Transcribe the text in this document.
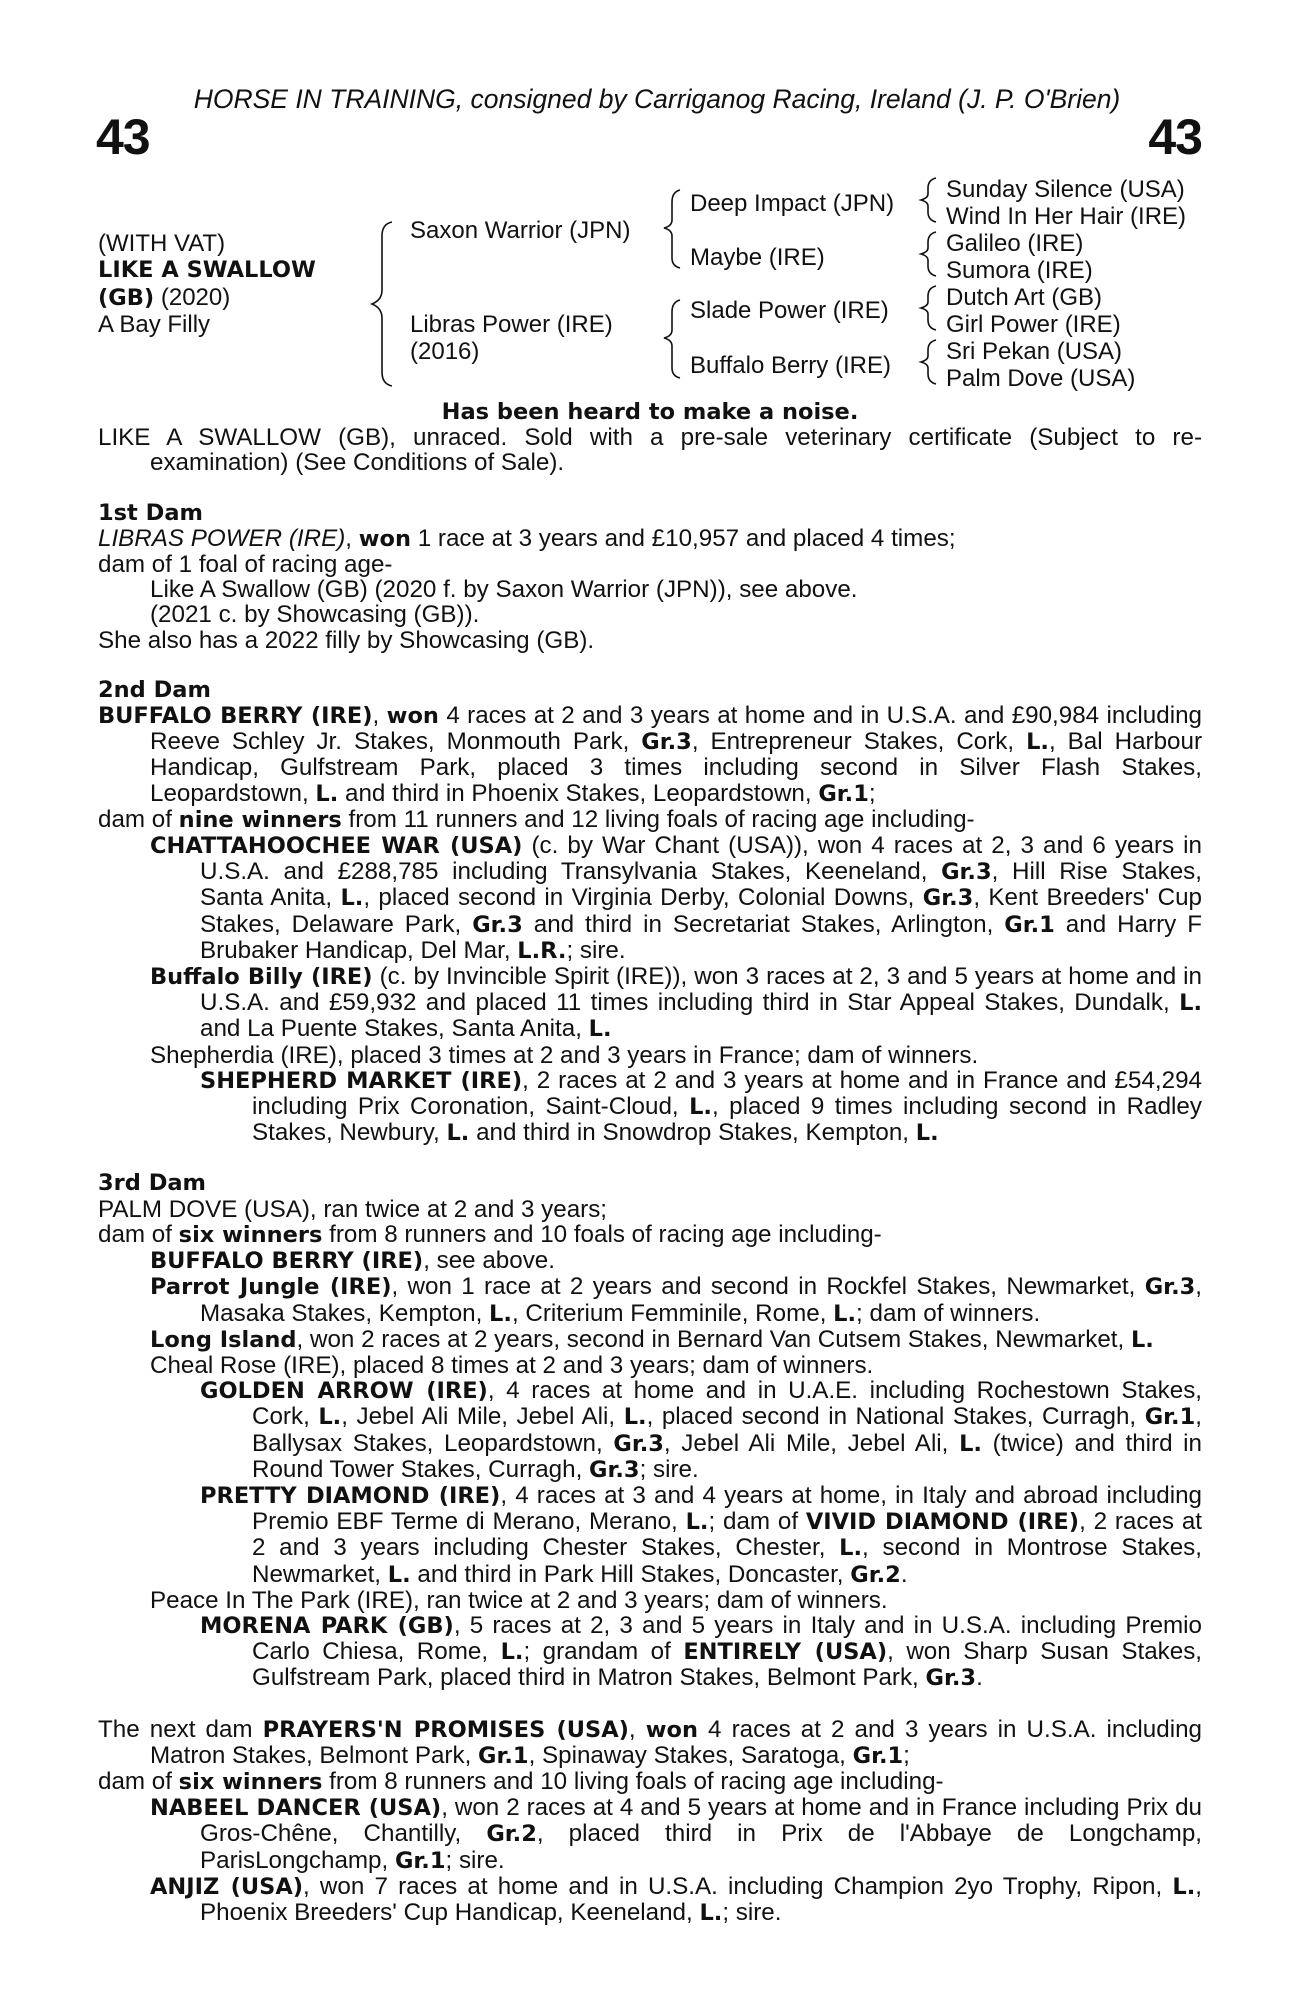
HORSE IN TRAINING, consigned by Carriganog Racing, Ireland (J. P. O'Brien)
43	43
(WITH VAT)
LIKE A SWALLOW
(GB) (2020)
A Bay Filly
Saxon Warrior (JPN)
Libras Power (IRE)
(2016)
Deep Impact (JPN)
Maybe (IRE)
Slade Power (IRE)
Buffalo Berry (IRE)
Sunday Silence (USA)
Wind In Her Hair (IRE)
Galileo (IRE)
Sumora (IRE)
Dutch Art (GB)
Girl Power (IRE)
Sri Pekan (USA)
Palm Dove (USA)
Has been heard to make a noise.
LIKE A SWALLOW (GB), unraced. Sold with a pre-sale veterinary certificate (Subject to re-examination) (See Conditions of Sale).
1st Dam
LIBRAS POWER (IRE), won 1 race at 3 years and £10,957 and placed 4 times;
dam of 1 foal of racing age-
Like A Swallow (GB) (2020 f. by Saxon Warrior (JPN)), see above.
(2021 c. by Showcasing (GB)).
She also has a 2022 filly by Showcasing (GB).
2nd Dam
BUFFALO BERRY (IRE), won 4 races at 2 and 3 years at home and in U.S.A. and £90,984 including Reeve Schley Jr. Stakes, Monmouth Park, Gr.3, Entrepreneur Stakes, Cork, L., Bal Harbour Handicap, Gulfstream Park, placed 3 times including second in Silver Flash Stakes, Leopardstown, L. and third in Phoenix Stakes, Leopardstown, Gr.1;
dam of nine winners from 11 runners and 12 living foals of racing age including-
CHATTAHOOCHEE WAR (USA) (c. by War Chant (USA)), won 4 races at 2, 3 and 6 years in U.S.A. and £288,785 including Transylvania Stakes, Keeneland, Gr.3, Hill Rise Stakes, Santa Anita, L., placed second in Virginia Derby, Colonial Downs, Gr.3, Kent Breeders' Cup Stakes, Delaware Park, Gr.3 and third in Secretariat Stakes, Arlington, Gr.1 and Harry F Brubaker Handicap, Del Mar, L.R.; sire.
Buffalo Billy (IRE) (c. by Invincible Spirit (IRE)), won 3 races at 2, 3 and 5 years at home and in U.S.A. and £59,932 and placed 11 times including third in Star Appeal Stakes, Dundalk, L. and La Puente Stakes, Santa Anita, L.
Shepherdia (IRE), placed 3 times at 2 and 3 years in France; dam of winners.
SHEPHERD MARKET (IRE), 2 races at 2 and 3 years at home and in France and £54,294 including Prix Coronation, Saint-Cloud, L., placed 9 times including second in Radley Stakes, Newbury, L. and third in Snowdrop Stakes, Kempton, L.
3rd Dam
PALM DOVE (USA), ran twice at 2 and 3 years;
dam of six winners from 8 runners and 10 foals of racing age including-
BUFFALO BERRY (IRE), see above.
Parrot Jungle (IRE), won 1 race at 2 years and second in Rockfel Stakes, Newmarket, Gr.3, Masaka Stakes, Kempton, L., Criterium Femminile, Rome, L.; dam of winners.
Long Island, won 2 races at 2 years, second in Bernard Van Cutsem Stakes, Newmarket, L.
Cheal Rose (IRE), placed 8 times at 2 and 3 years; dam of winners.
GOLDEN ARROW (IRE), 4 races at home and in U.A.E. including Rochestown Stakes, Cork, L., Jebel Ali Mile, Jebel Ali, L., placed second in National Stakes, Curragh, Gr.1, Ballysax Stakes, Leopardstown, Gr.3, Jebel Ali Mile, Jebel Ali, L. (twice) and third in Round Tower Stakes, Curragh, Gr.3; sire.
PRETTY DIAMOND (IRE), 4 races at 3 and 4 years at home, in Italy and abroad including Premio EBF Terme di Merano, Merano, L.; dam of VIVID DIAMOND (IRE), 2 races at 2 and 3 years including Chester Stakes, Chester, L., second in Montrose Stakes, Newmarket, L. and third in Park Hill Stakes, Doncaster, Gr.2.
Peace In The Park (IRE), ran twice at 2 and 3 years; dam of winners.
MORENA PARK (GB), 5 races at 2, 3 and 5 years in Italy and in U.S.A. including Premio Carlo Chiesa, Rome, L.; grandam of ENTIRELY (USA), won Sharp Susan Stakes, Gulfstream Park, placed third in Matron Stakes, Belmont Park, Gr.3.
The next dam PRAYERS'N PROMISES (USA), won 4 races at 2 and 3 years in U.S.A. including Matron Stakes, Belmont Park, Gr.1, Spinaway Stakes, Saratoga, Gr.1;
dam of six winners from 8 runners and 10 living foals of racing age including-
NABEEL DANCER (USA), won 2 races at 4 and 5 years at home and in France including Prix du Gros-Chêne, Chantilly, Gr.2, placed third in Prix de l'Abbaye de Longchamp, ParisLongchamp, Gr.1; sire.
ANJIZ (USA), won 7 races at home and in U.S.A. including Champion 2yo Trophy, Ripon, L., Phoenix Breeders' Cup Handicap, Keeneland, L.; sire.
